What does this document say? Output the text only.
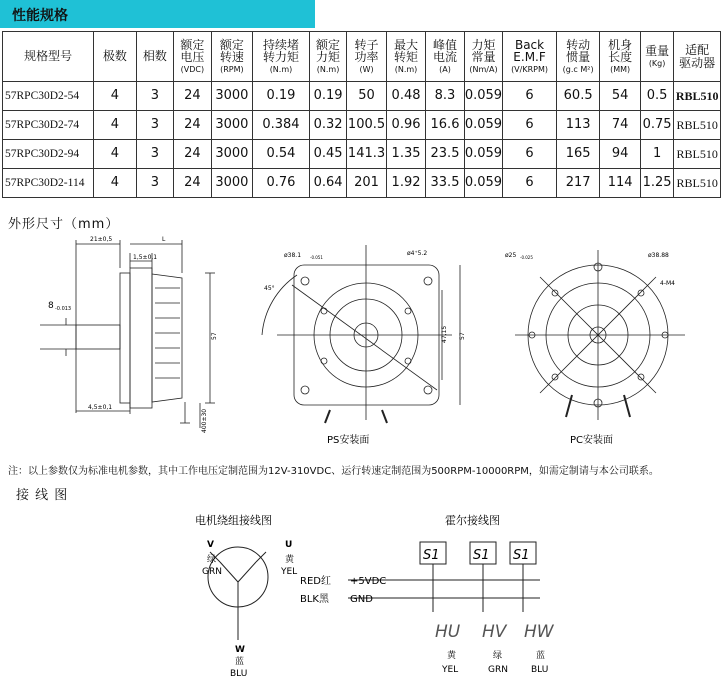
性能规格
规格型号	极数	相数	额定
电压
(VDC)	额定
转速
(RPM)	持续堵
转力矩
(N.m)	额定
力矩
(N.m)	转子
功率
(W)	最大
转矩
(N.m)	峰值
电流
(A)	力矩
常量
(Nm/A)	Back
E.M.F
(V/KRPM)	转动
惯量
(g.c M²)	机身
长度
(MM)	重量
(Kg)	适配
驱动器
57RPC30D2-54	4	3	24	3000	0.19	0.19	50	0.48	8.3	0.059	6	60.5	54	0.5	RBL510
57RPC30D2-74	4	3	24	3000	0.384	0.32	100.5	0.96	16.6	0.059	6	113	74	0.75	RBL510
57RPC30D2-94	4	3	24	3000	0.54	0.45	141.3	1.35	23.5	0.059	6	165	94	1	RBL510
57RPC30D2-114	4	3	24	3000	0.76	0.64	201	1.92	33.5	0.059	6	217	114	1.25	RBL510
外形尺寸（mm）
21±0,5	L
1,5±0,1
8 -0.013
4,5±0,1
57
400±30
ø38.1 -0.051
ø4⁺5.2
45°
47,15 57
PS安装面
ø25 -0.025	ø38.88
4-M4
PC安装面
注：以上参数仅为标准电机参数，其中工作电压定制范围为12V-310VDC、运行转速定制范围为500RPM-10000RPM，如需定制请与本公司联系。
接 线 图
电机绕组接线图
V
绿
GRN
U
黄
YEL
W
蓝
BLU
霍尔接线图
S1	S1 S1
RED红 +5VDC
BLK黑 GND
HU HV HW
黄
YEL
绿
GRN
蓝
BLU
